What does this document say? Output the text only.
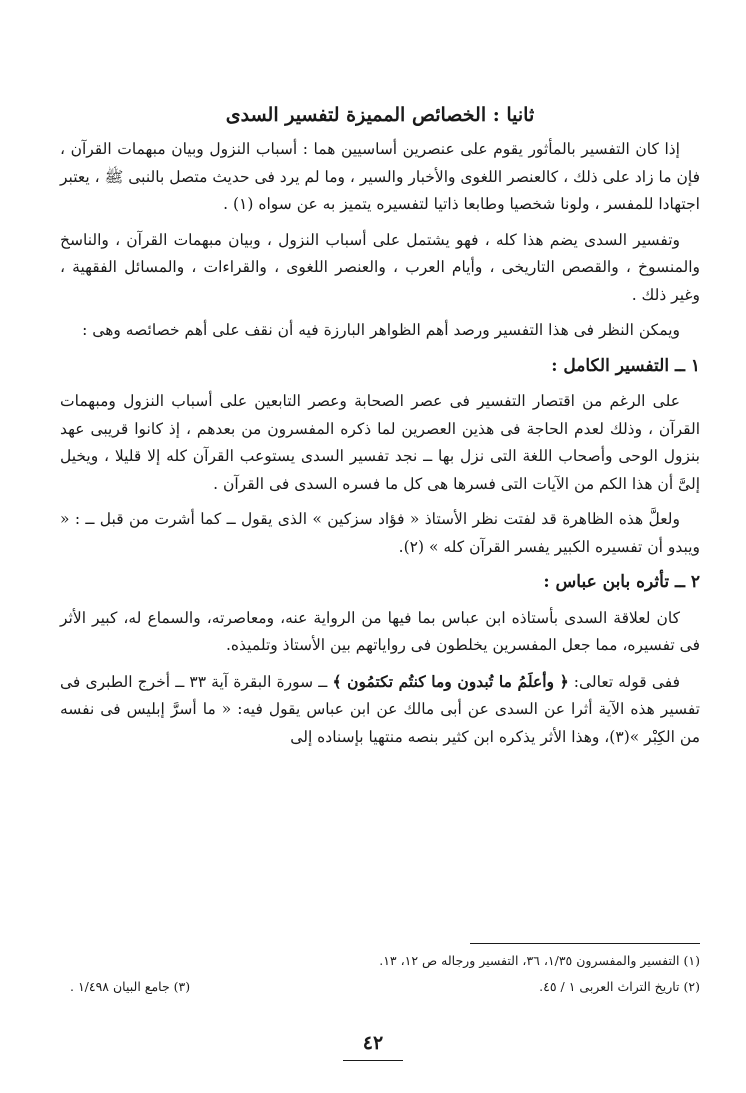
ثانيا : الخصائص المميزة لتفسير السدى

إذا كان التفسير بالمأثور يقوم على عنصرين أساسيين هما : أسباب النزول وبيان مبهمات القرآن ، فإن ما زاد على ذلك ، كالعنصر اللغوى والأخبار والسير ، وما لم يرد فى حديث متصل بالنبى ﷺ ، يعتبر اجتهادا للمفسر ، ولونا شخصيا وطابعا ذاتيا لتفسيره يتميز به عن سواه (١) .

وتفسير السدى يضم هذا كله ، فهو يشتمل على أسباب النزول ، وبيان مبهمات القرآن ، والناسخ والمنسوخ ، والقصص التاريخى ، وأيام العرب ، والعنصر اللغوى ، والقراءات ، والمسائل الفقهية ، وغير ذلك .

ويمكن النظر فى هذا التفسير ورصد أهم الظواهر البارزة فيه أن نقف على أهم خصائصه وهى :

١ ــ التفسير الكامل :

على الرغم من اقتصار التفسير فى عصر الصحابة وعصر التابعين على أسباب النزول ومبهمات القرآن ، وذلك لعدم الحاجة فى هذين العصرين لما ذكره المفسرون من بعدهم ، إذ كانوا قريبى عهد بنزول الوحى وأصحاب اللغة التى نزل بها ــ نجد تفسير السدى يستوعب القرآن كله إلا قليلا ، ويخيل إلىَّ أن هذا الكم من الآيات التى فسرها هى كل ما فسره السدى فى القرآن .

ولعلَّ هذه الظاهرة قد لفتت نظر الأستاذ « فؤاد سزكين » الذى يقول ــ كما أشرت من قبل ــ : « ويبدو أن تفسيره الكبير يفسر القرآن كله » (٢).

٢ ــ تأثره بابن عباس :

كان لعلاقة السدى بأستاذه ابن عباس بما فيها من الرواية عنه، ومعاصرته، والسماع له، كبير الأثر فى تفسيره، مما جعل المفسرين يخلطون فى رواياتهم بين الأستاذ وتلميذه.

ففى قوله تعالى: ﴿ وأعلَمُ ما تُبدون وما كنتُم تكتمُون ﴾ ــ سورة البقرة آية ٣٣ ــ أخرج الطبرى فى تفسير هذه الآية أثرا عن السدى عن أبى مالك عن ابن عباس يقول فيه: « ما أسرَّ إبليس فى نفسه من الكِبْر »(٣)، وهذا الأثر يذكره ابن كثير بنصه منتهيا بإسناده إلى

(١) التفسير والمفسرون ١/٣٥، ٣٦، التفسير ورجاله ص ١٢، ١٣.
(٢) تاريخ التراث العربى ١ / ٤٥.
(٣) جامع البيان ١/٤٩٨ .
٤٢
